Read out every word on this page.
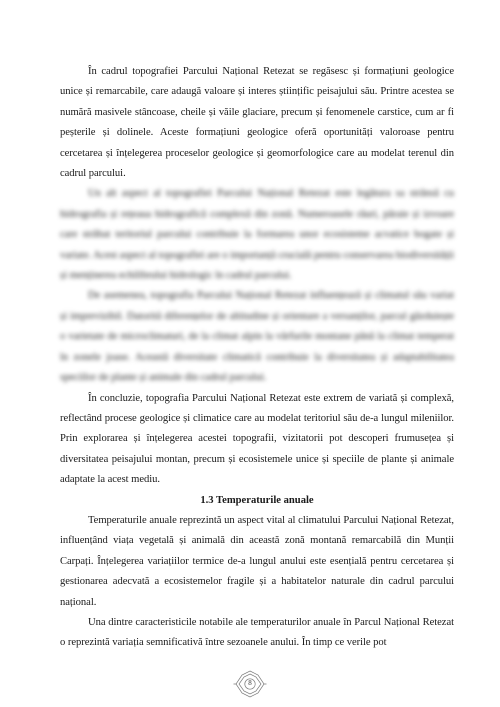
În cadrul topografiei Parcului Național Retezat se regăsesc și formațiuni geologice unice și remarcabile, care adaugă valoare și interes științific peisajului său. Printre acestea se numără masivele stâncoase, cheile și văile glaciare, precum și fenomenele carstice, cum ar fi peșterile și dolinele. Aceste formațiuni geologice oferă oportunități valoroase pentru cercetarea și înțelegerea proceselor geologice și geomorfologice care au modelat terenul din cadrul parcului.

Un alt aspect al topografiei Parcului Național Retezat este legătura sa strânsă cu hidrografia și rețeaua hidrografică complexă din zonă. Numeroasele râuri, pâraie și izvoare care străbat teritoriul parcului contribuie la formarea unor ecosisteme acvatice bogate și variate. Acest aspect al topografiei are o importanță crucială pentru conservarea biodiversității și menținerea echilibrului hidrologic în cadrul parcului.

De asemenea, topografia Parcului Național Retezat influențează și climatul său variat și imprevizibil. Datorită diferențelor de altitudine și orientare a versanților, parcul găzduiește o varietate de microclimaturi, de la climat alpin la vârfurile montane până la climat temperat în zonele joase. Această diversitate climatică contribuie la diversitatea și adaptabilitatea speciilor de plante și animale din cadrul parcului.

În concluzie, topografia Parcului Național Retezat este extrem de variată și complexă, reflectând procese geologice și climatice care au modelat teritoriul său de-a lungul mileniilor. Prin explorarea și înțelegerea acestei topografii, vizitatorii pot descoperi frumusețea și diversitatea peisajului montan, precum și ecosistemele unice și speciile de plante și animale adaptate la acest mediu.

1.3 Temperaturile anuale

Temperaturile anuale reprezintă un aspect vital al climatului Parcului Național Retezat, influențând viața vegetală și animală din această zonă montană remarcabilă din Munții Carpați. Înțelegerea variațiilor termice de-a lungul anului este esențială pentru cercetarea și gestionarea adecvată a ecosistemelor fragile și a habitatelor naturale din cadrul parcului național.

Una dintre caracteristicile notabile ale temperaturilor anuale în Parcul Național Retezat o reprezintă variația semnificativă între sezoanele anului. În timp ce verile pot

8
